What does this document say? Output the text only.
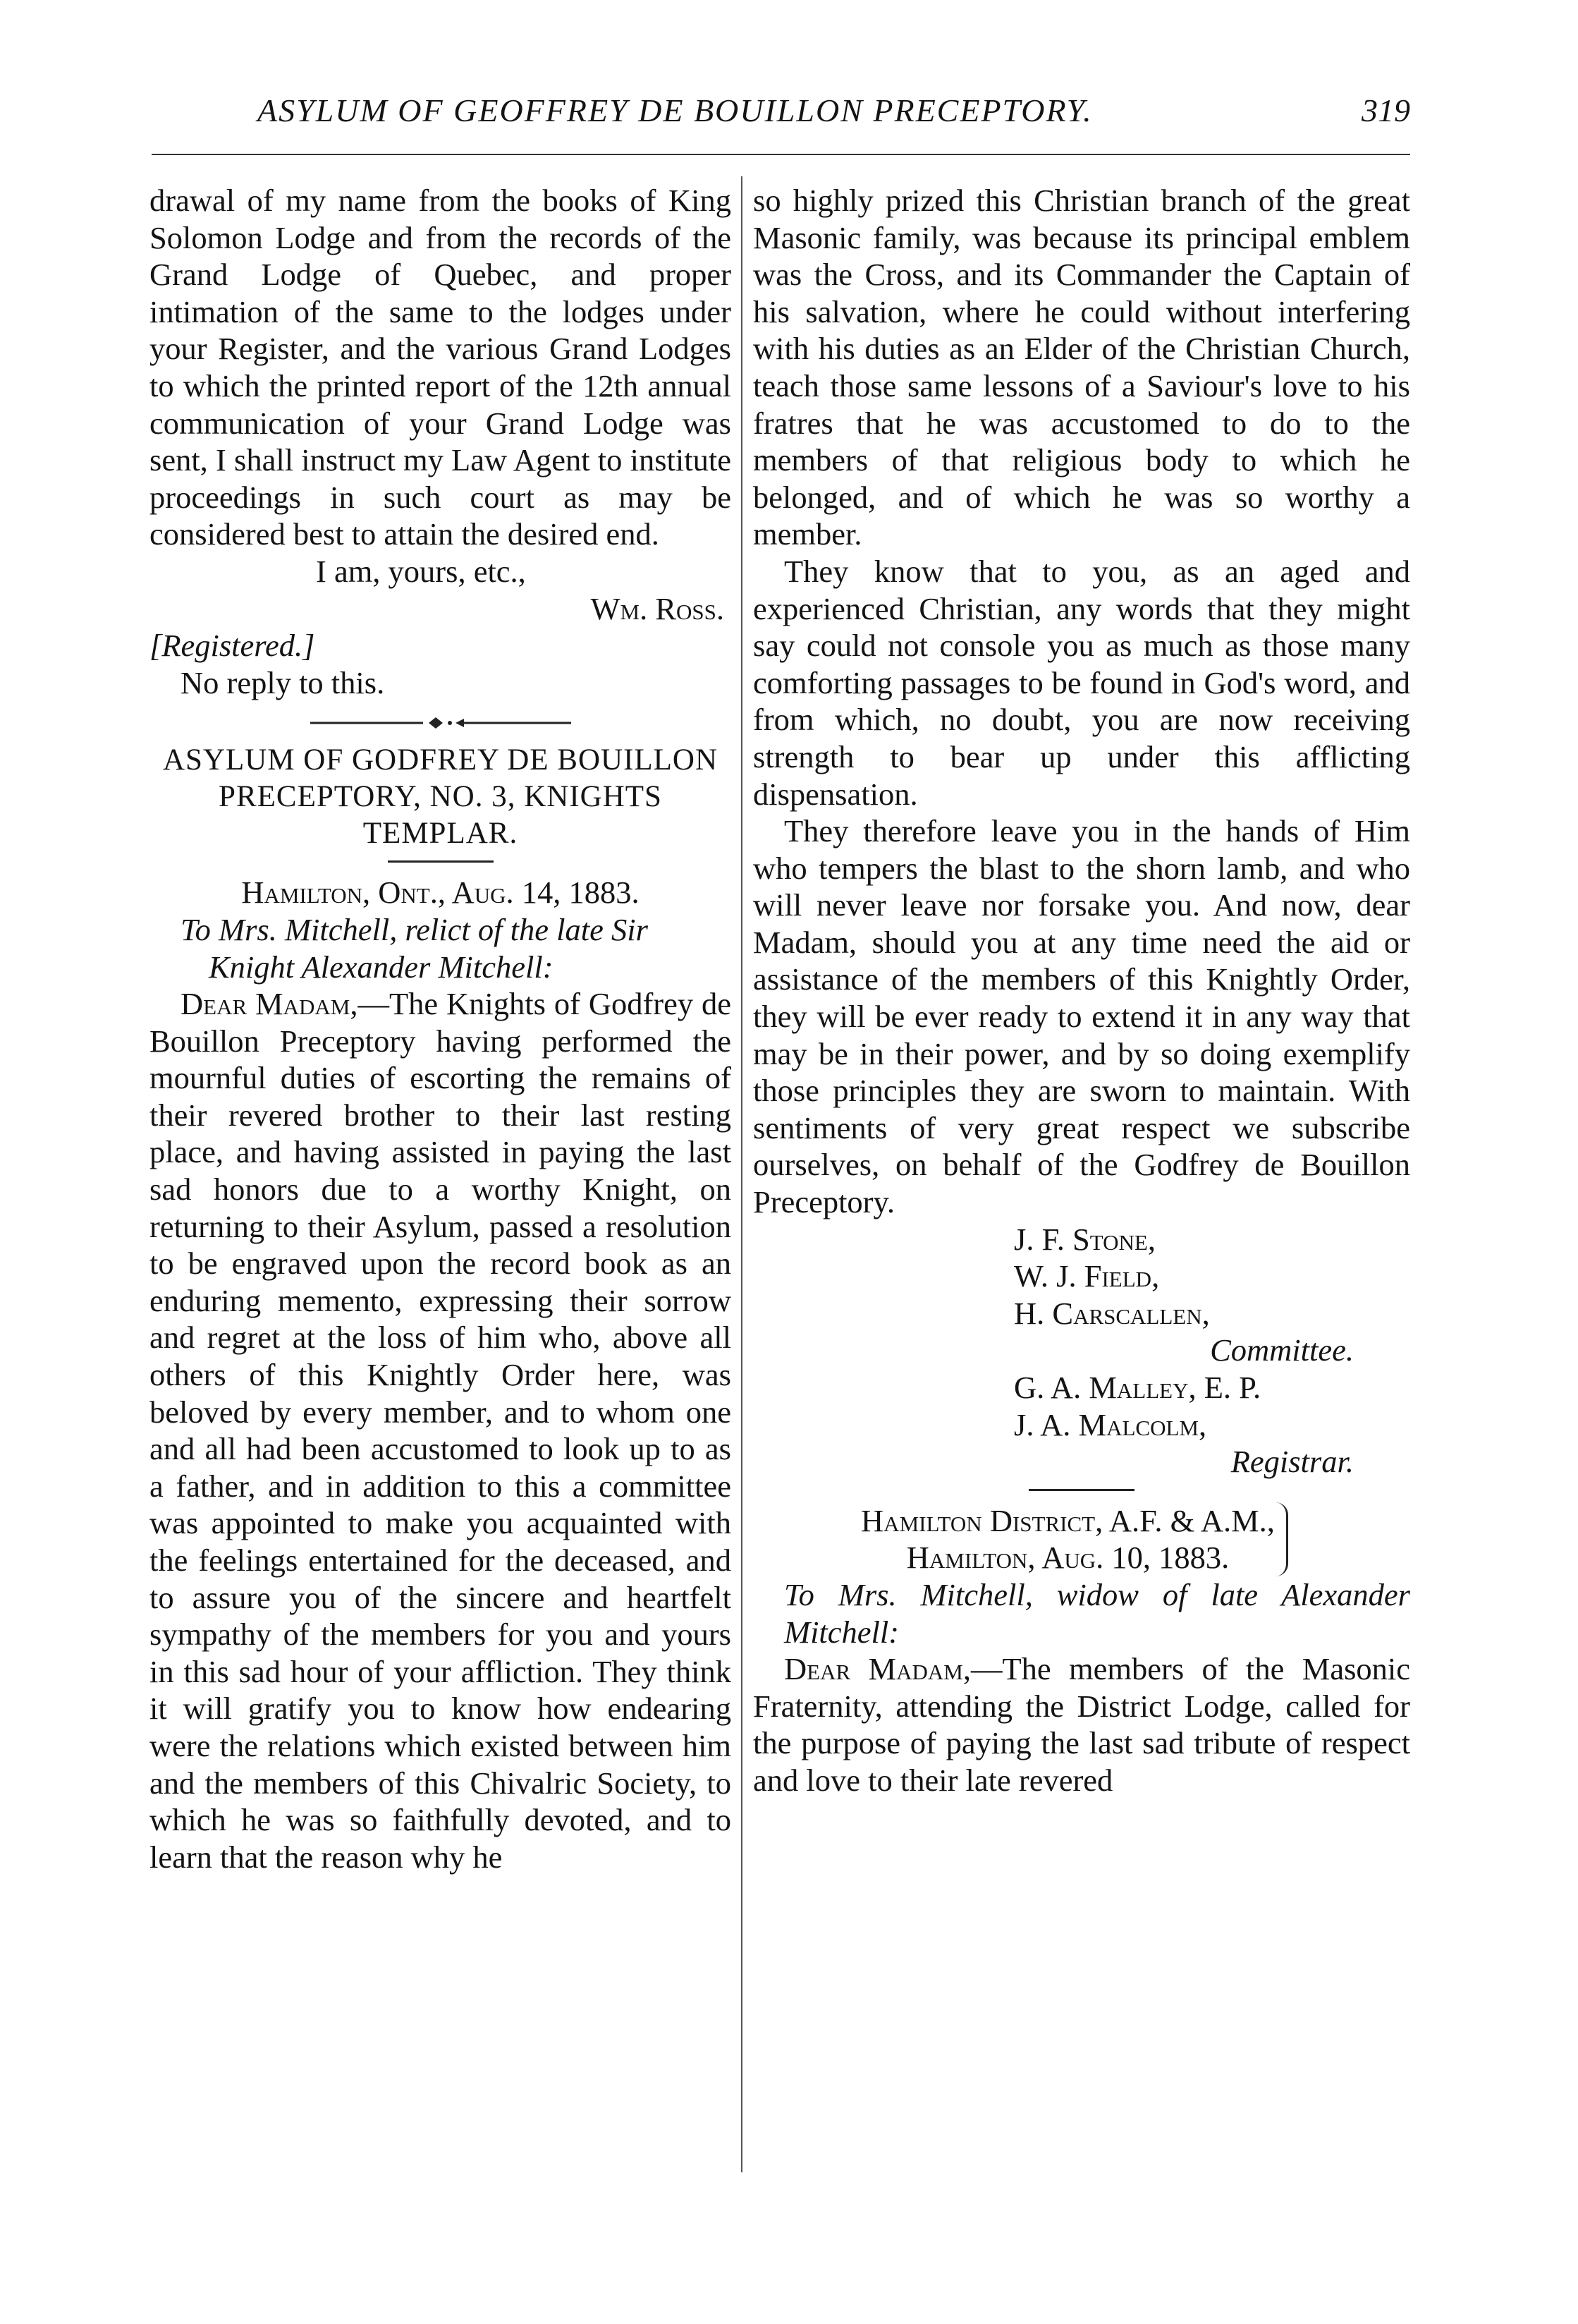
ASYLUM OF GEOFFREY DE BOUILLON PRECEPTORY.	319

drawal of my name from the books of King Solomon Lodge and from the records of the Grand Lodge of Quebec, and proper intimation of the same to the lodges under your Register, and the various Grand Lodges to which the printed report of the 12th annual communication of your Grand Lodge was sent, I shall instruct my Law Agent to institute proceedings in such court as may be considered best to attain the desired end.

I am, yours, etc.,

Wm. Ross.

[Registered.]

No reply to this.

ASYLUM OF GODFREY DE BOUILLON PRECEPTORY, NO. 3, KNIGHTS TEMPLAR.

Hamilton, Ont., Aug. 14, 1883.

To Mrs. Mitchell, relict of the late Sir
Knight Alexander Mitchell:

Dear Madam,—The Knights of Godfrey de Bouillon Preceptory having performed the mournful duties of escorting the remains of their revered brother to their last resting place, and having assisted in paying the last sad honors due to a worthy Knight, on returning to their Asylum, passed a resolution to be engraved upon the record book as an enduring memento, expressing their sorrow and regret at the loss of him who, above all others of this Knightly Order here, was beloved by every member, and to whom one and all had been accustomed to look up to as a father, and in addition to this a committee was appointed to make you acquainted with the feelings entertained for the deceased, and to assure you of the sincere and heartfelt sympathy of the members for you and yours in this sad hour of your affliction. They think it will gratify you to know how endearing were the relations which existed between him and the members of this Chivalric Society, to which he was so faithfully devoted, and to learn that the reason why he

so highly prized this Christian branch of the great Masonic family, was because its principal emblem was the Cross, and its Commander the Captain of his salvation, where he could without interfering with his duties as an Elder of the Christian Church, teach those same lessons of a Saviour's love to his fratres that he was accustomed to do to the members of that religious body to which he belonged, and of which he was so worthy a member.

They know that to you, as an aged and experienced Christian, any words that they might say could not console you as much as those many comforting passages to be found in God's word, and from which, no doubt, you are now receiving strength to bear up under this afflicting dispensation.

They therefore leave you in the hands of Him who tempers the blast to the shorn lamb, and who will never leave nor forsake you. And now, dear Madam, should you at any time need the aid or assistance of the members of this Knightly Order, they will be ever ready to extend it in any way that may be in their power, and by so doing exemplify those principles they are sworn to maintain. With sentiments of very great respect we subscribe ourselves, on behalf of the Godfrey de Bouillon Preceptory.

J. F. Stone,
W. J. Field,
H. Carscallen,
Committee.
G. A. Malley, E. P.
J. A. Malcolm,
Registrar.

Hamilton District, A.F. & A.M.,
Hamilton, Aug. 10, 1883.

To Mrs. Mitchell, widow of late Alexander Mitchell:

Dear Madam,—The members of the Masonic Fraternity, attending the District Lodge, called for the purpose of paying the last sad tribute of respect and love to their late revered
